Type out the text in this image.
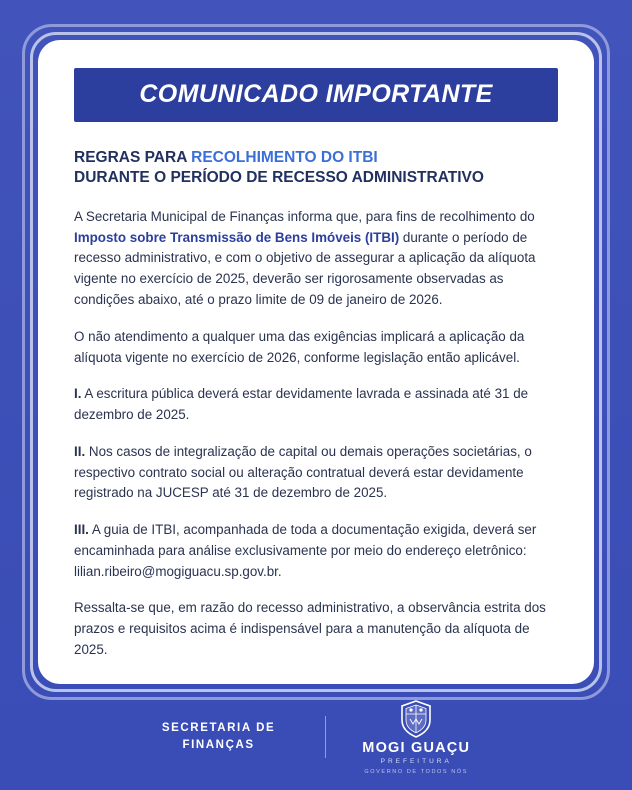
COMUNICADO IMPORTANTE
REGRAS PARA RECOLHIMENTO DO ITBI
DURANTE O PERÍODO DE RECESSO ADMINISTRATIVO

A Secretaria Municipal de Finanças informa que, para fins de recolhimento do Imposto sobre Transmissão de Bens Imóveis (ITBI) durante o período de recesso administrativo, e com o objetivo de assegurar a aplicação da alíquota vigente no exercício de 2025, deverão ser rigorosamente observadas as condições abaixo, até o prazo limite de 09 de janeiro de 2026.

O não atendimento a qualquer uma das exigências implicará a aplicação da alíquota vigente no exercício de 2026, conforme legislação então aplicável.

I. A escritura pública deverá estar devidamente lavrada e assinada até 31 de dezembro de 2025.

II. Nos casos de integralização de capital ou demais operações societárias, o respectivo contrato social ou alteração contratual deverá estar devidamente registrado na JUCESP até 31 de dezembro de 2025.

III. A guia de ITBI, acompanhada de toda a documentação exigida, deverá ser encaminhada para análise exclusivamente por meio do endereço eletrônico: lilian.ribeiro@mogiguacu.sp.gov.br.

Ressalta-se que, em razão do recesso administrativo, a observância estrita dos prazos e requisitos acima é indispensável para a manutenção da alíquota de 2025.

SECRETARIA DE
FINANÇAS	MOGI GUAÇU
PREFEITURA
GOVERNO DE TODOS NÓS
